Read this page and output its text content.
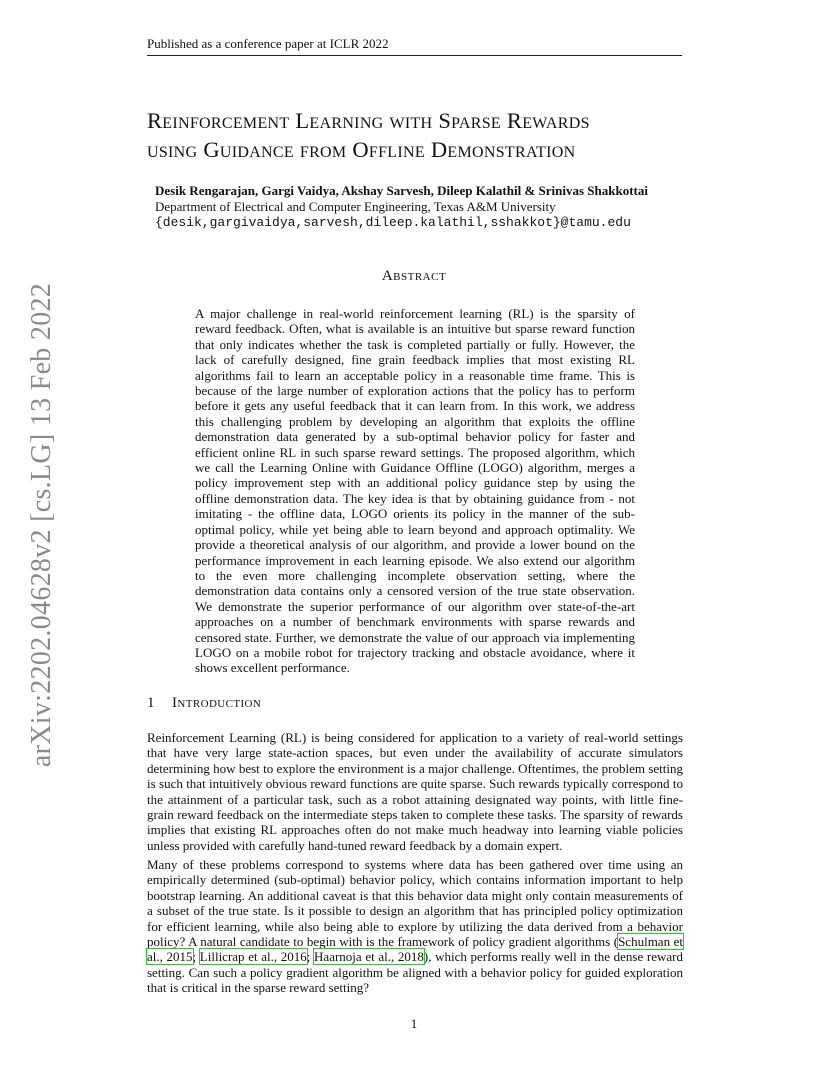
Published as a conference paper at ICLR 2022
arXiv:2202.04628v2 [cs.LG] 13 Feb 2022
Reinforcement Learning with Sparse Rewards
using Guidance from Offline Demonstration
Desik Rengarajan, Gargi Vaidya, Akshay Sarvesh, Dileep Kalathil & Srinivas Shakkottai
Department of Electrical and Computer Engineering, Texas A&M University
{desik,gargivaidya,sarvesh,dileep.kalathil,sshakkot}@tamu.edu
Abstract
A major challenge in real-world reinforcement learning (RL) is the sparsity of reward feedback. Often, what is available is an intuitive but sparse reward function that only indicates whether the task is completed partially or fully. However, the lack of carefully designed, fine grain feedback implies that most existing RL algorithms fail to learn an acceptable policy in a reasonable time frame. This is because of the large number of exploration actions that the policy has to perform before it gets any useful feedback that it can learn from. In this work, we address this challenging problem by developing an algorithm that exploits the offline demonstration data generated by a sub-optimal behavior policy for faster and efficient online RL in such sparse reward settings. The proposed algorithm, which we call the Learning Online with Guidance Offline (LOGO) algorithm, merges a policy improvement step with an additional policy guidance step by using the offline demonstration data. The key idea is that by obtaining guidance from - not imitating - the offline data, LOGO orients its policy in the manner of the sub-optimal policy, while yet being able to learn beyond and approach optimality. We provide a theoretical analysis of our algorithm, and provide a lower bound on the performance improvement in each learning episode. We also extend our algorithm to the even more challenging incomplete observation setting, where the demonstration data contains only a censored version of the true state observation. We demonstrate the superior performance of our algorithm over state-of-the-art approaches on a number of benchmark environments with sparse rewards and censored state. Further, we demonstrate the value of our approach via implementing LOGO on a mobile robot for trajectory tracking and obstacle avoidance, where it shows excellent performance.
1 Introduction
Reinforcement Learning (RL) is being considered for application to a variety of real-world settings that have very large state-action spaces, but even under the availability of accurate simulators determining how best to explore the environment is a major challenge. Oftentimes, the problem setting is such that intuitively obvious reward functions are quite sparse. Such rewards typically correspond to the attainment of a particular task, such as a robot attaining designated way points, with little fine-grain reward feedback on the intermediate steps taken to complete these tasks. The sparsity of rewards implies that existing RL approaches often do not make much headway into learning viable policies unless provided with carefully hand-tuned reward feedback by a domain expert.
Many of these problems correspond to systems where data has been gathered over time using an empirically determined (sub-optimal) behavior policy, which contains information important to help bootstrap learning. An additional caveat is that this behavior data might only contain measurements of a subset of the true state. Is it possible to design an algorithm that has principled policy optimization for efficient learning, while also being able to explore by utilizing the data derived from a behavior policy? A natural candidate to begin with is the framework of policy gradient algorithms (Schulman et al., 2015; Lillicrap et al., 2016; Haarnoja et al., 2018), which performs really well in the dense reward setting. Can such a policy gradient algorithm be aligned with a behavior policy for guided exploration that is critical in the sparse reward setting?
1
